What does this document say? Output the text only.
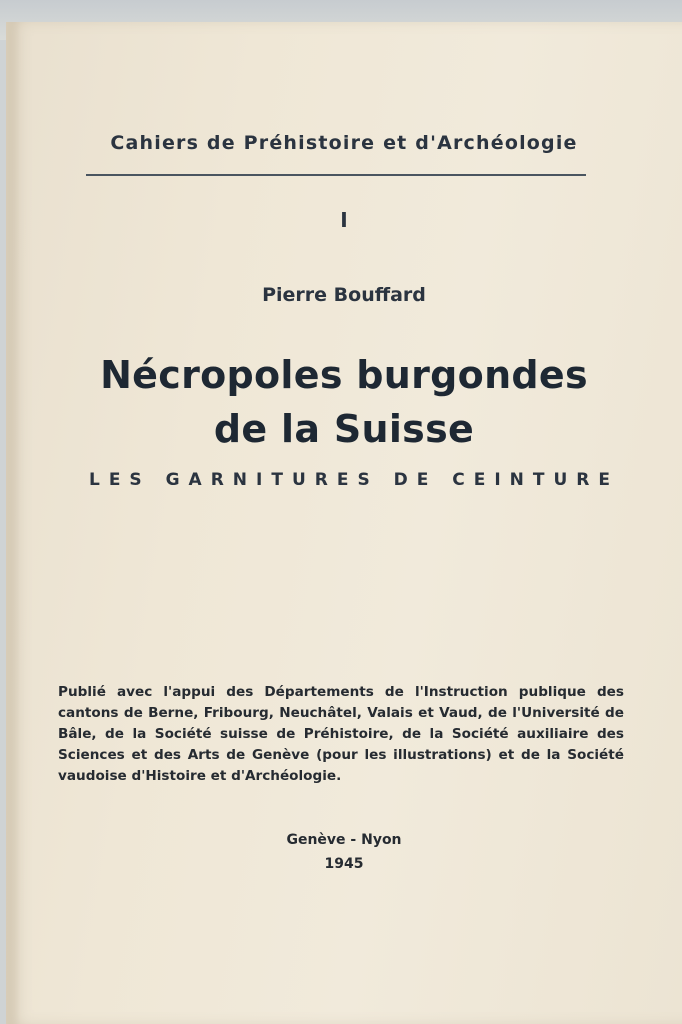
Cahiers de Préhistoire et d'Archéologie
I
Pierre Bouffard
Nécropoles burgondes
de la Suisse
LES GARNITURES DE CEINTURE
Publié avec l'appui des Départements de l'Instruction publique des cantons de Berne, Fribourg, Neuchâtel, Valais et Vaud, de l'Université de Bâle, de la Société suisse de Préhistoire, de la Société auxiliaire des Sciences et des Arts de Genève (pour les illustrations) et de la Société vaudoise d'Histoire et d'Archéologie.
Genève - Nyon
1945
